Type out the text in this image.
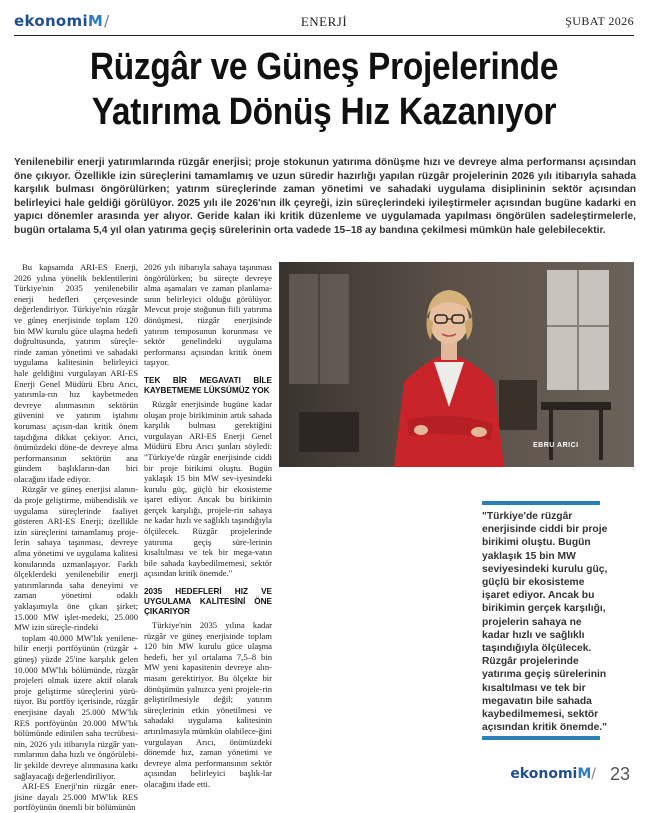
ekonomiM/	ENERJİ	ŞUBAT 2026
Rüzgâr ve Güneş Projelerinde
Yatırıma Dönüş Hız Kazanıyor
Yenilenebilir enerji yatırımlarında rüzgâr enerjisi; proje stokunun yatırıma dönüşme hızı ve devreye alma performansı açısından öne çıkıyor. Özellikle izin süreçlerini tamamlamış ve uzun süredir hazırlığı yapılan rüzgâr projelerinin 2026 yılı itibarıyla sahada karşılık bulması öngörülürken; yatırım süreçlerinde zaman yönetimi ve sahadaki uygulama disiplininin sektör açısından belirleyici hale geldiği görülüyor. 2025 yılı ile 2026'nın ilk çeyreği, izin süreçlerindeki iyileştirmeler açısından bugüne kadarki en yapıcı dönemler arasında yer alıyor. Geride kalan iki kritik düzenleme ve uygulamada yapılması öngörülen sadeleştirmelerle, bugün ortalama 5,4 yıl olan yatırıma geçiş sürelerinin orta vadede 15–18 ay bandına çekilmesi mümkün hale gelebilecektir.

Bu kapsamda ARI-ES Enerji, 2026 yılına yönelik beklentilerini Türkiye'nin 2035 yenilenebilir enerji hedefleri çerçevesinde değerlendiriyor. Türkiye'nin rüzgâr ve güneş enerjisinde toplam 120 bin MW kurulu güce ulaşma hedefi doğrultusunda, yatırım süreçle-rinde zaman yönetimi ve sahadaki uygulama kalitesinin belirleyici hale geldiğini vurgulayan ARI-ES Enerji Genel Müdürü Ebru Arıcı, yatırımla-rın hız kaybetmeden devreye alınmasının sektörün güvenini ve yatırım iştahını koruması açısın-dan kritik önem taşıdığına dikkat çekiyor. Arıcı, önümüzdeki döne-de devreye alma performansının sektörün ana gündem başlıkların-dan biri olacağını ifade ediyor.

Rüzgâr ve güneş enerjisi alanın-da proje geliştirme, mühendislik ve uygulama süreçlerinde faaliyet gösteren ARI-ES Enerji; özellikle izin süreçlerini tamamlamış proje-lerin sahaya taşınması, devreye alma yönetimi ve uygulama kalitesi konularında uzmanlaşıyor. Farklı ölçeklerdeki yenilenebilir enerji yatırımlarında saha deneyimi ve zaman yönetimi odaklı yaklaşımıyla öne çıkan şirket; 15.000 MW işlet-medeki, 25.000 MW izin süreçle-rindeki

toplam 40.000 MW'lık yenilene-bilir enerji portföyünün (rüzgâr + güneş) yüzde 25'ine karşılık gelen 10.000 MW'lık bölümünde, rüzgâr projeleri olmak üzere aktif olarak proje geliştirme süreçlerini yürü-tüyor. Bu portföy içerisinde, rüzgâr enerjisine dayalı 25.000 MW'lık RES portföyünün 20.000 MW'lık bölümünde edinilen saha tecrübesi-nin, 2026 yılı itibarıyla rüzgâr yatı-rımlarının daha hızlı ve öngörülebi-lir şekilde devreye alınmasına katkı sağlayacağı değerlendiriliyor.

ARI-ES Enerji'nin rüzgâr ener-jisine dayalı 25.000 MW'lık RES portföyünün önemli bir bölümünün

2026 yılı itibarıyla sahaya taşınması öngörülürken; bu süreçte devreye alma aşamaları ve zaman planlama-sının belirleyici olduğu görülüyor. Mevcut proje stoğunun fiili yatırıma dönüşmesi, rüzgâr enerjisinde yatırım temposunun korunması ve sektör genelindeki uygulama performansı açısından kritik önem taşıyor.

TEK BİR MEGAVATI BİLE KAYBETMEME LÜKSÜMÜZ YOK

Rüzgâr enerjisinde bugüne kadar oluşan proje birikiminin artık sahada karşılık bulması gerektiğini vurgulayan ARI-ES Enerji Genel Müdürü Ebru Arıcı şunları söyledi: "Türkiye'de rüzgâr enerjisinde ciddi bir proje birikimi oluştu. Bugün yaklaşık 15 bin MW sev-iyesindeki kurulu güç, güçlü bir ekosisteme işaret ediyor. Ancak bu birikimin gerçek karşılığı, projele-rin sahaya ne kadar hızlı ve sağlıklı taşındığıyla ölçülecek. Rüzgâr projelerinde yatırıma geçiş süre-lerinin kısaltılması ve tek bir mega-vatın bile sahada kaybedilmemesi, sektör açısından kritik önemde."

2035 HEDEFLERİ HIZ VE UYGULAMA KALİTESİNİ ÖNE ÇIKARIYOR

Türkiye'nin 2035 yılına kadar rüzgâr ve güneş enerjisinde toplam 120 bin MW kurulu güce ulaşma hedefi, her yıl ortalama 7,5–8 bin MW yeni kapasitenin devreye alın-masını gerektiriyor. Bu ölçekte bir dönüşümün yalnızca yeni projele-rin geliştirilmesiyle değil; yatırım süreçlerinin etkin yönetilmesi ve sahadaki uygulama kalitesinin artırılmasıyla mümkün olabilece-ğini vurgulayan Arıcı, önümüzdeki dönemde hız, zaman yönetimi ve devreye alma performansının sektör açısından belirleyici başlık-lar olacağını ifade etti.

EBRU ARICI
"Türkiye'de rüzgâr enerjisinde ciddi bir proje birikimi oluştu. Bugün yaklaşık 15 bin MW seviyesindeki kurulu güç, güçlü bir ekosisteme işaret ediyor. Ancak bu birikimin gerçek karşılığı, projelerin sahaya ne kadar hızlı ve sağlıklı taşındığıyla ölçülecek. Rüzgâr projelerinde yatırıma geçiş sürelerinin kısaltılması ve tek bir megavatın bile sahada kaybedilmemesi, sektör açısından kritik önemde."
ekonomiM/ 23
